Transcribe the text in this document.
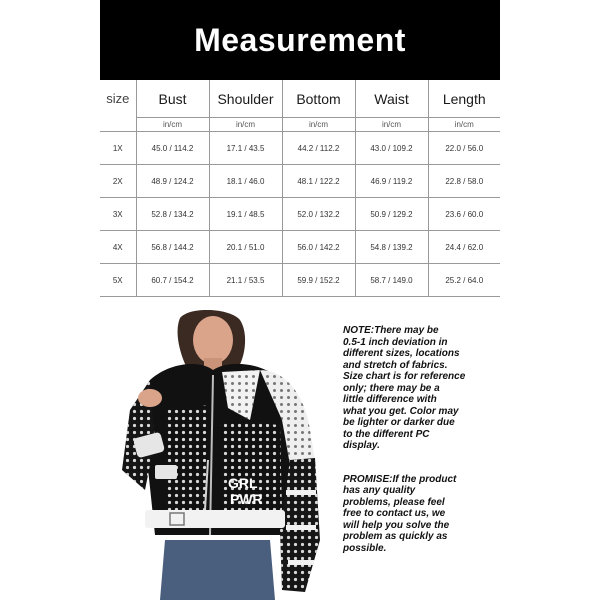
Measurement
size	Bust	Shoulder	Bottom	Waist	Length
	in/cm	in/cm	in/cm	in/cm	in/cm
1X	45.0 / 114.2	17.1 / 43.5	44.2 / 112.2	43.0 / 109.2	22.0 / 56.0
2X	48.9 / 124.2	18.1 / 46.0	48.1 / 122.2	46.9 / 119.2	22.8 / 58.0
3X	52.8 / 134.2	19.1 / 48.5	52.0 / 132.2	50.9 / 129.2	23.6 / 60.0
4X	56.8 / 144.2	20.1 / 51.0	56.0 / 142.2	54.8 / 139.2	24.4 / 62.0
5X	60.7 / 154.2	21.1 / 53.5	59.9 / 152.2	58.7 / 149.0	25.2 / 64.0
GRL
PWR
NOTE:There may be
0.5-1 inch deviation in
different sizes, locations
and stretch of fabrics.
Size chart is for reference
only; there may be a
little difference with
what you get. Color may
be lighter or darker due
to the different PC
display.
PROMISE:If the product
has any quality
problems, please feel
free to contact us, we
will help you solve the
problem as quickly as
possible.
